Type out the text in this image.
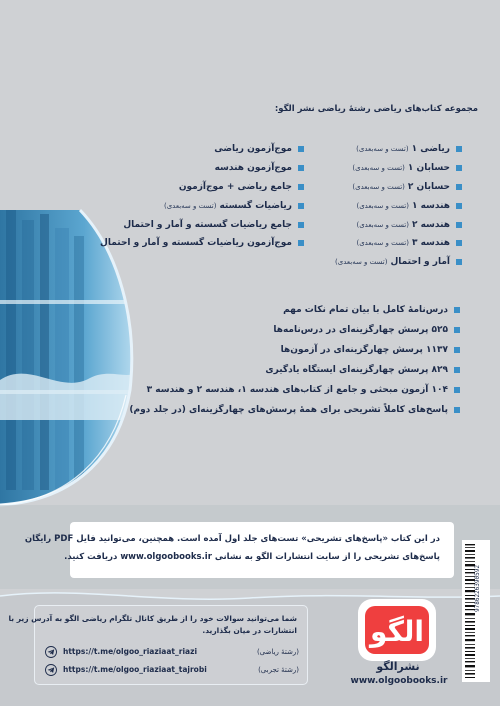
مجموعه کتاب‌های ریاضی رشتهٔ ریاضی نشر الگو:
ریاضی ۱
(تست و سه‌بعدی)
حسابان ۱
(تست و سه‌بعدی)
حسابان ۲
(تست و سه‌بعدی)
هندسه ۱
(تست و سه‌بعدی)
هندسه ۲
(تست و سه‌بعدی)
هندسه ۳
(تست و سه‌بعدی)
آمار و احتمال
(تست و سه‌بعدی)
موج‌آزمون ریاضی
موج‌آزمون هندسه
جامع ریاضی + موج‌آزمون
ریاضیات گسسته
(تست و سه‌بعدی)
جامع ریاضیات گسسته و آمار و احتمال
موج‌آزمون ریاضیات گسسته و آمار و احتمال
درس‌نامهٔ کامل با بیان تمام نکات مهم
۵۲۵ پرسش چهارگزینه‌ای در درس‌نامه‌ها
۱۱۳۷ پرسش چهارگزینه‌ای در آزمون‌ها
۸۲۹ پرسش چهارگزینه‌ای ایستگاه یادگیری
۱۰۴ آزمون مبحثی و جامع از کتاب‌های هندسه ۱، هندسه ۲ و هندسه ۳
پاسخ‌های کاملاً تشریحی برای همهٔ پرسش‌های چهارگزینه‌ای (در جلد دوم)
در این کتاب «پاسخ‌های تشریحی» تست‌های جلد اول آمده است. همچنین، می‌توانید فایل PDF رایگان
پاسخ‌های تشریحی را از سایت انتشارات الگو به نشانی www.olgoobooks.ir دریافت کنید.
شما می‌توانید سوالات خود را از طریق کانال تلگرام ریاضی الگو به آدرس زیر با
انتشارات در میان بگذارید.
https://t.me/olgoo_riaziaat_riazi	(رشتهٔ ریاضی)
https://t.me/olgoo_riaziaat_tajrobi	(رشتهٔ تجربی)
الگو
نشرالگو
www.olgoobooks.ir
9786226390592
